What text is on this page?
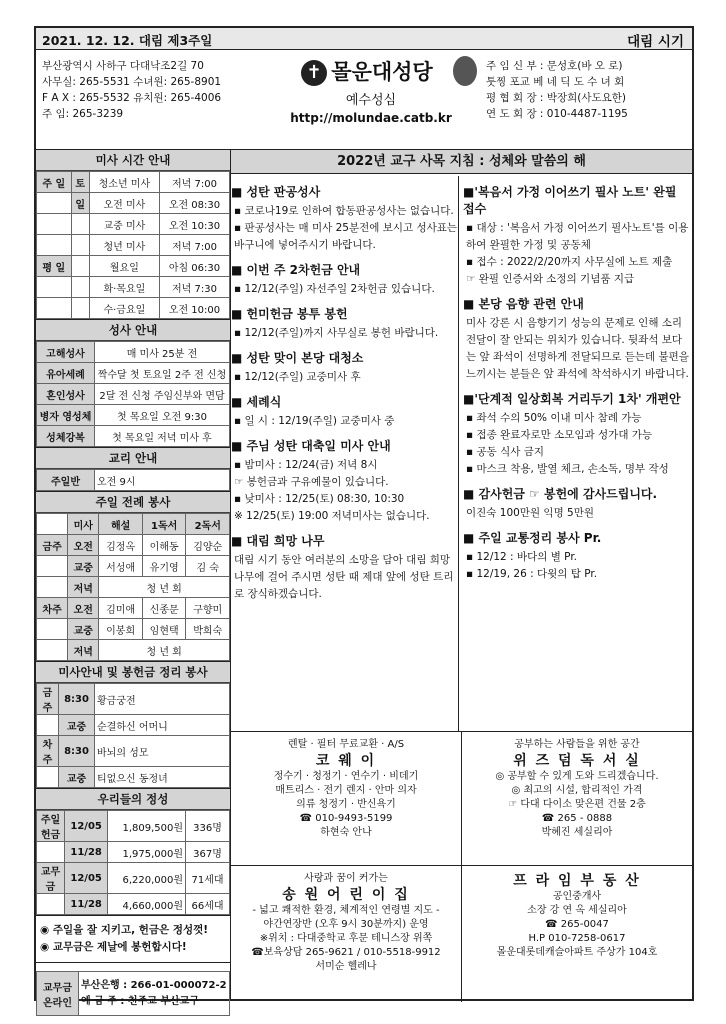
2021. 12. 12. 대림 제3주일	대림 시기
부산광역시 사하구 다대낙조2길 70
사무실: 265-5531 수녀원: 265-8901
F A X : 265-5532 유치원: 265-4006
주 임: 265-3239
✝ 몰운대성당
예수성심
http://molundae.catb.kr
주 임 신 부 : 문성호(바 오 로)
툿찡 포교 베 네 딕 도 수 녀 회
평 협 회 장 : 박장희(사도요한)
연 도 회 장 : 010-4487-1195
미사 시간 안내
주 일	토	청소년 미사	저녁 7:00
	일	오전 미사	오전 08:30
		교중 미사	오전 10:30
		청년 미사	저녁 7:00
평 일		월요일	아침 06:30
		화·목요일	저녁 7:30
		수·금요일	오전 10:00
성사 안내
고해성사	매 미사 25분 전
유아세례	짝수달 첫 토요일 2주 전 신청
혼인성사	2달 전 신청 주임신부와 면담
병자 영성체	첫 목요일 오전 9:30
성체강복	첫 목요일 저녁 미사 후
교리 안내
주일반	오전 9시
주일 전례 봉사
	미사	해설	1독서	2독서
금주	오전	김정옥	이해동	김양순
	교중	서성애	유기영	김 숙
	저녁	청 년 회		
차주	오전	김미애	신종문	구향미
	교중	이봉희	임현택	박희숙
	저녁	청 년 회		
미사안내 및 봉헌금 정리 봉사
금주	8:30	황금궁전
	교중	순결하신 어머니
차주	8:30	바뇌의 성모
	교중	티없으신 동정녀
우리들의 정성
주일헌금	12/05	1,809,500원	336명
	11/28	1,975,000원	367명
교무금	12/05	6,220,000원	71세대
	11/28	4,660,000원	66세대
◉ 주일을 잘 지키고, 헌금은 정성껏!
◉ 교무금은 제날에 봉헌합시다!
교무금 온라인	
부산은행 : 266-01-000072-2
예 금 주 : 천주교 부산교구
2022년 교구 사목 지침 : 성체와 말씀의 해
■ 성탄 판공성사
▪ 코로나19로 인하여 합동판공성사는 없습니다.
▪ 판공성사는 매 미사 25분전에 보시고 성사표는 바구니에 넣어주시기 바랍니다.
■ 이번 주 2차헌금 안내
▪ 12/12(주일) 자선주일 2차헌금 있습니다.
■ 헌미헌금 봉투 봉헌
▪ 12/12(주일)까지 사무실로 봉헌 바랍니다.
■ 성탄 맞이 본당 대청소
▪ 12/12(주일) 교중미사 후
■ 세례식
▪ 일 시 : 12/19(주일) 교중미사 중
■ 주님 성탄 대축일 미사 안내
▪ 밤미사 : 12/24(금) 저녁 8시
☞ 봉헌금과 구유예물이 있습니다.
▪ 낮미사 : 12/25(토) 08:30, 10:30
※ 12/25(토) 19:00 저녁미사는 없습니다.
■ 대림 희망 나무
대림 시기 동안 여러분의 소망을 담아 대림 희망 나무에 걸어 주시면 성탄 때 제대 앞에 성탄 트리로 장식하겠습니다.
■'복음서 가정 이어쓰기 필사 노트' 완필 접수
▪ 대상 : '복음서 가정 이어쓰기 필사노트'를 이용하여 완필한 가정 및 공동체
▪ 접수 : 2022/2/20까지 사무실에 노트 제출
☞ 완필 인증서와 소정의 기념품 지급
■ 본당 음향 관련 안내
미사 강론 시 음향기기 성능의 문제로 인해 소리 전달이 잘 안되는 위치가 있습니다. 뒷좌석 보다는 앞 좌석이 선명하게 전달되므로 듣는데 불편을 느끼시는 분들은 앞 좌석에 착석하시기 바랍니다.
■'단계적 일상회복 거리두기 1차' 개편안
▪ 좌석 수의 50% 이내 미사 참례 가능
▪ 접종 완료자로만 소모임과 성가대 가능
▪ 공동 식사 금지
▪ 마스크 착용, 발열 체크, 손소독, 명부 작성
■ 감사헌금 ☞ 봉헌에 감사드립니다.
이진숙 100만원 익명 5만원
■ 주일 교통정리 봉사 Pr.
▪ 12/12 : 바다의 별 Pr.
▪ 12/19, 26 : 다윗의 탑 Pr.
렌탈 · 필터 무료교환 · A/S
코 웨 이
정수기 · 청정기 · 연수기 · 비데기
매트리스 · 전기 렌지 · 안마 의자
의류 청정기 · 반신욕기
☎ 010-9493-5199
하현숙 안나
공부하는 사람들을 위한 공간
위 즈 덤 독 서 실
◎ 공부할 수 있게 도와 드리겠습니다.
◎ 최고의 시설, 합리적인 가격
☞ 다대 다이소 맞은편 건물 2층
☎ 265 - 0888
박혜진 세실리아
사랑과 꿈이 커가는
송 원 어 린 이 집
- 넓고 쾌적한 환경, 체계적인 연령별 지도 -
야간연장반 (오후 9시 30분까지) 운영
※위치 : 다대중학교 후문 테니스장 위쪽
☎보육상담 265-9621 / 010-5518-9912
서미순 헬레나
프 라 임 부 동 산
공인중개사
소장 강 연 옥 세실리아
☎ 265-0047
H.P 010-7258-0617
몰운대롯데캐슬아파트 주상가 104호
